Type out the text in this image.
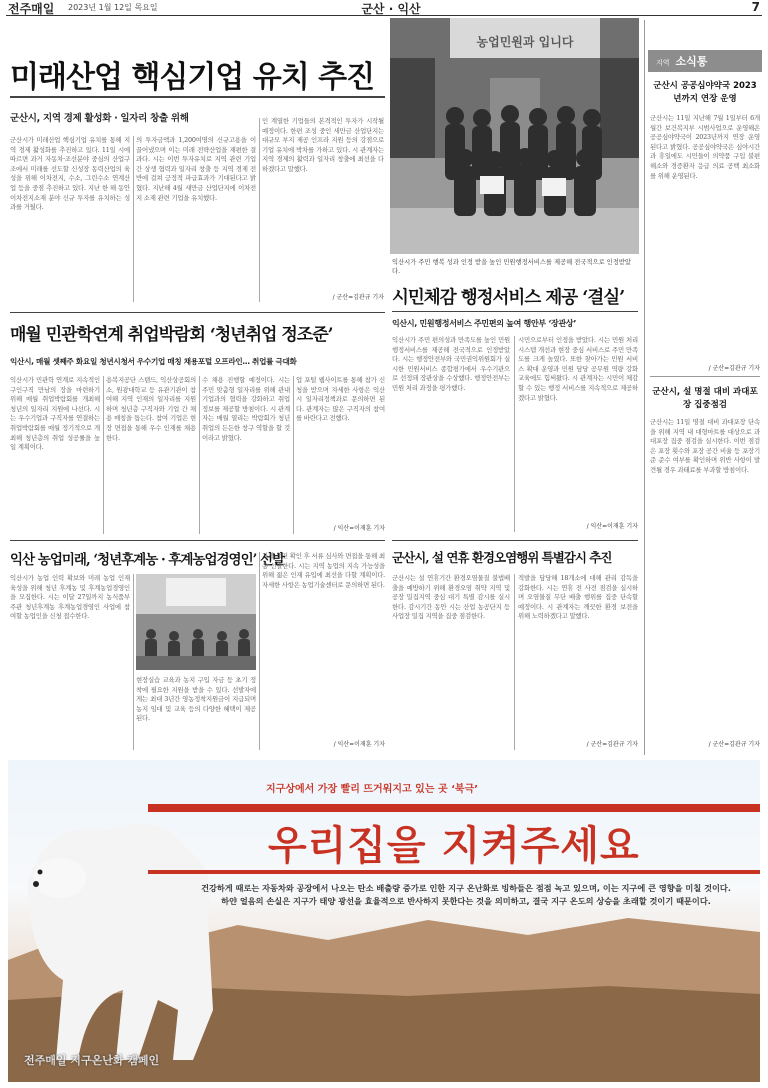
전주매일 2023년 1월 12일 목요일	군산 · 익산	7
미래산업 핵심기업 유치 추진
군산시, 지역 경제 활성화 · 일자리 창출 위해
군산시가 미래산업 핵심기업 유치를 통해 지역 경제 활성화를 추진하고 있다. 11일 시에 따르면 과거 자동차·조선분야 중심의 산업구조에서 미래를 선도할 신성장 동력산업의 육성을 위해 이차전지, 수소, 그린수소 연계산업 등을 중점 추진하고 있다. 지난 한 해 동안 이차전지소재 분야 신규 투자를 유치하는 성과를 거뒀다.
의 투자금액과 1,200여명의 신규고용을 이끌어냈으며 이는 미래 전략산업을 재편한 결과다. 시는 이번 투자유치로 지역 관련 기업 간 상생 협력과 일자리 창출 등 지역 경제 전반에 걸쳐 긍정적 파급효과가 기대된다고 밝혔다. 지난해 4월 새만금 산업단지에 이차전지 소재 관련 기업을 유치했다.
인 계열한 기업들의 본격적인 투자가 시작될 예정이다. 한편 조성 중인 새만금 산업단지는 대규모 부지 제공 인프라 지원 등의 강점으로 기업 유치에 박차를 가하고 있다. 시 관계자는 지역 경제의 활력과 일자리 창출에 최선을 다하겠다고 말했다.
/ 군산=김관규 기자
농업민원과 입니다
익산시가 주민 행복 성과 인정 받을 높인 민원행정서비스를 제공해 전국적으로 인정받았다.
시민체감 행정서비스 제공 ‘결실’
익산시, 민원행정서비스 주민편의 높여 행안부 ‘장관상’
익산시가 주민 편의성과 만족도를 높인 민원행정서비스를 제공해 전국적으로 인정받았다. 시는 행정안전부와 국민권익위원회가 실시한 민원서비스 종합평가에서 우수기관으로 선정돼 장관상을 수상했다. 행정안전부는 민원 처리 과정을 평가했다.
시민으로부터 인정을 받았다. 시는 민원 처리 시스템 개선과 현장 중심 서비스로 주민 만족도를 크게 높였다. 또한 찾아가는 민원 서비스 확대 운영과 민원 담당 공무원 역량 강화 교육에도 힘써왔다. 시 관계자는 시민이 체감할 수 있는 행정 서비스를 지속적으로 제공하겠다고 밝혔다.
/ 익산=이재훈 기자
매월 민관학연계 취업박람회 ‘청년취업 정조준’
익산시, 매월 셋째주 화요일 청년시청서 우수기업 매칭 채용포털 오프라인… 취업률 극대화
익산시가 민관학 연계로 지속적인 구인구직 만남의 장을 마련하기 위해 매월 취업박람회를 개최해 청년의 일자리 지원에 나선다. 시는 우수기업과 구직자를 연결하는 취업박람회를 매월 정기적으로 개최해 청년층의 취업 성공률을 높일 계획이다.
용복지공단 스탠드, 익산상공회의소, 원광대학교 등 유관기관이 참여해 지역 인재의 일자리를 지원하며 청년층 구직자와 기업 간 채용 매칭을 돕는다. 참여 기업은 현장 면접을 통해 우수 인재를 채용한다.
수 채용 진행할 예정이다. 시는 주민 맞춤형 일자리를 위해 관내 기업과의 협력을 강화하고 취업 정보를 제공할 방침이다. 시 관계자는 매월 열리는 박람회가 청년 취업의 든든한 창구 역할을 할 것이라고 밝혔다.
업 포털 웹사이트를 통해 참가 신청을 받으며 자세한 사항은 익산시 일자리정책과로 문의하면 된다. 관계자는 많은 구직자의 참여를 바란다고 전했다.
/ 익산=이재훈 기자
익산 농업미래, ‘청년후계농 · 후계농업경영인’ 선발
익산시가 농업 인력 확보와 미래 농업 인재 육성을 위해 청년 후계농 및 후계농업경영인을 모집한다. 시는 이달 27일까지 농식품부 주관 청년후계농 후계농업경영인 사업에 참여할 농업인을 신청 접수한다.
현장실습 교육과 농지 구입 자금 등 초기 정착에 필요한 지원을 받을 수 있다. 선발자에게는 최대 3년간 영농정착지원금이 지급되며 농지 임대 및 교육 등의 다양한 혜택이 제공된다.
자격 요건 확인 후 서류 심사와 면접을 통해 최종 선발한다. 시는 지역 농업의 지속 가능성을 위해 젊은 인재 유입에 최선을 다할 계획이다. 자세한 사항은 농업기술센터로 문의하면 된다.
/ 익산=이재훈 기자
군산시, 설 연휴 환경오염행위 특별감시 추진
군산시는 설 연휴기간 환경오염물질 불법배출을 예방하기 위해 환경오염 취약 지역 및 공장 밀집지역 중심 대기 특별 감시를 실시한다. 감시기간 동안 시는 산업 농공단지 등 사업장 밀집 지역을 집중 점검한다.
적발을 담당해 18개소에 대해 관리 감독을 강화한다. 시는 연휴 전 사전 점검을 실시하며 오염물질 무단 배출 행위를 집중 단속할 예정이다. 시 관계자는 깨끗한 환경 보전을 위해 노력하겠다고 말했다.
/ 군산=김관규 기자
지역 소식통
군산시 공공심야약국 2023년까지 연장 운영
군산시는 11일 지난해 7월 1일부터 6개월간 보건복지부 시범사업으로 운영해온 공공심야약국이 2023년까지 연장 운영된다고 밝혔다. 공공심야약국은 심야시간과 휴일에도 시민들이 의약품 구입 불편 해소와 경증환자 응급 의료 공백 최소화를 위해 운영된다.
/ 군산=김관규 기자
군산시, 설 명절 대비 과대포장 집중점검
군산시는 11일 명절 대비 과대포장 단속을 위해 지역 내 대형마트를 대상으로 과대포장 집중 점검을 실시한다. 이번 점검은 포장 횟수와 포장 공간 비율 등 포장기준 준수 여부를 확인하며 위반 사항이 발견될 경우 과태료를 부과할 방침이다.
/ 군산=김관규 기자
지구상에서 가장 빨리 뜨거워지고 있는 곳 ‘북극’
우리집을 지켜주세요
건강하게 때로는 자동차와 공장에서 나오는 탄소 배출량 증가로 인한 지구 온난화로 빙하들은 점점 녹고 있으며, 이는 지구에 큰 영향을 미칠 것이다. 하얀 얼음의 손실은 지구가 태양 광선을 효율적으로 반사하지 못한다는 것을 의미하고, 결국 지구 온도의 상승을 초래할 것이기 때문이다.
전주매일 지구온난화 캠페인
